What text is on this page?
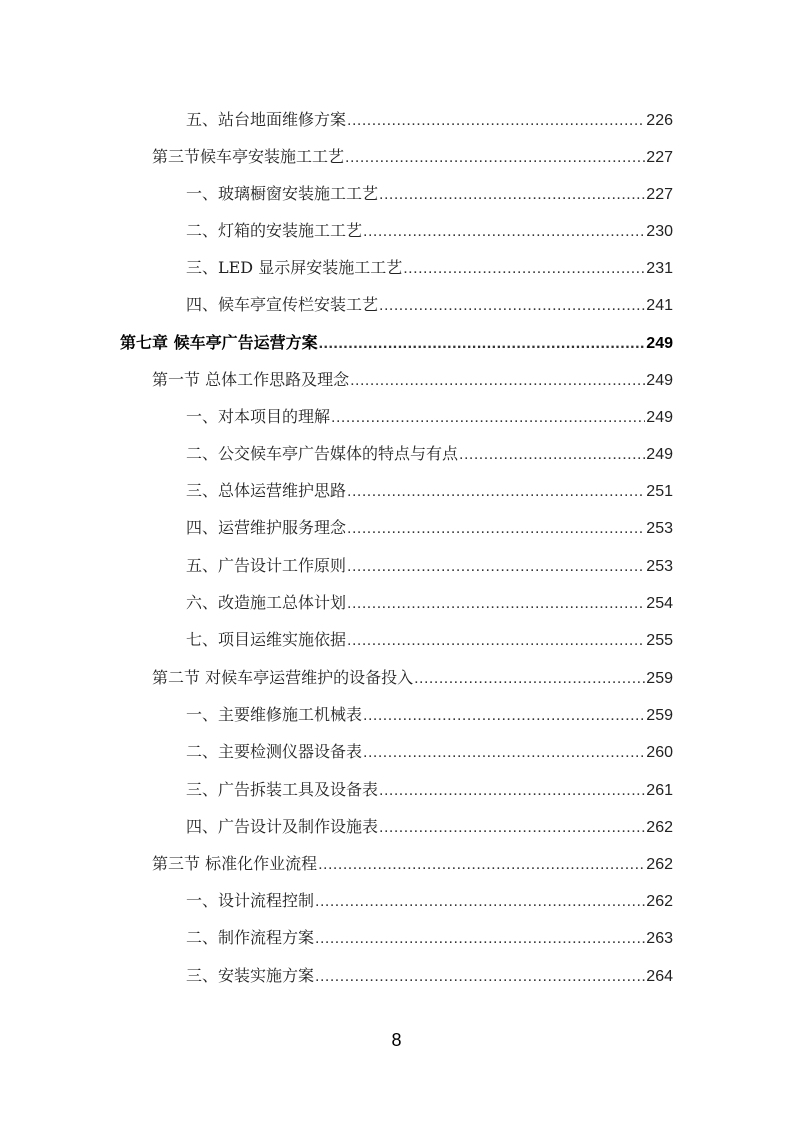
五、站台地面维修方案 .....	226
第三节候车亭安装施工工艺 .....	227
一、玻璃橱窗安装施工工艺 .....	227
二、灯箱的安装施工工艺 .....	230
三、LED 显示屏安装施工工艺 .....	231
四、候车亭宣传栏安装工艺 .....	241
第七章 候车亭广告运营方案 .....	249
第一节 总体工作思路及理念 .....	249
一、对本项目的理解 .....	249
二、公交候车亭广告媒体的特点与有点 .....	249
三、总体运营维护思路 .....	251
四、运营维护服务理念 .....	253
五、广告设计工作原则 .....	253
六、改造施工总体计划 .....	254
七、项目运维实施依据 .....	255
第二节 对候车亭运营维护的设备投入 .....	259
一、主要维修施工机械表 .....	259
二、主要检测仪器设备表 .....	260
三、广告拆装工具及设备表 .....	261
四、广告设计及制作设施表 .....	262
第三节 标准化作业流程 .....	262
一、设计流程控制 .....	262
二、制作流程方案 .....	263
三、安装实施方案 .....	264
8
